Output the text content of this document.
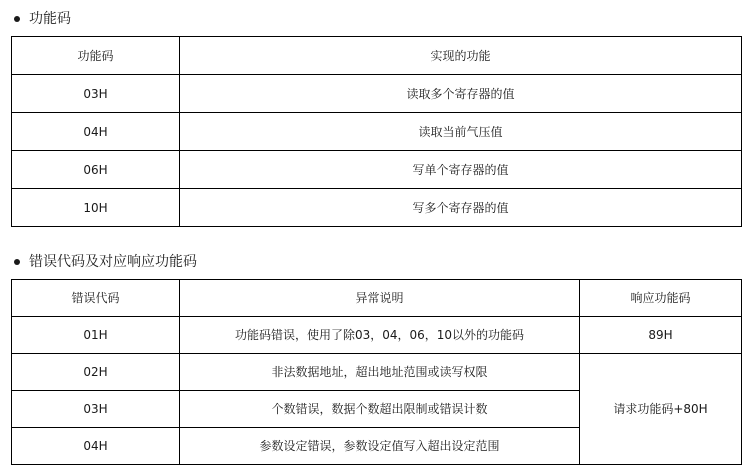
功能码
功能码	实现的功能
03H	读取多个寄存器的值
04H	读取当前气压值
06H	写单个寄存器的值
10H	写多个寄存器的值
错误代码及对应响应功能码
错误代码	异常说明	响应功能码
01H	功能码错误，使用了除03，04，06，10以外的功能码	89H
02H	非法数据地址，超出地址范围或读写权限	请求功能码+80H
03H	个数错误，数据个数超出限制或错误计数	
04H	参数设定错误，参数设定值写入超出设定范围	
